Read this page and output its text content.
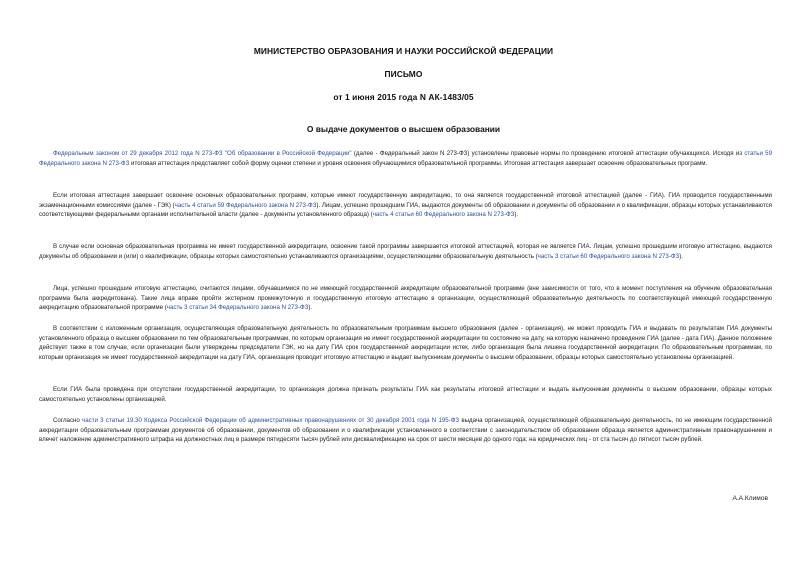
МИНИСТЕРСТВО ОБРАЗОВАНИЯ И НАУКИ РОССИЙСКОЙ ФЕДЕРАЦИИ
ПИСЬМО
от 1 июня 2015 года N АК-1483/05
О выдаче документов о высшем образовании

Федеральным законом от 29 декабря 2012 года N 273-ФЗ "Об образовании в Российской Федерации" (далее - Федеральный закон N 273-ФЗ) установлены правовые нормы по проведению итоговой аттестации обучающихся. Исходя из статьи 59 Федерального закона N 273-ФЗ итоговая аттестация представляет собой форму оценки степени и уровня освоения обучающимися образовательной программы. Итоговая аттестация завершает освоение образовательных программ.

Если итоговая аттестация завершает освоение основных образовательных программ, которые имеют государственную аккредитацию, то она является государственной итоговой аттестацией (далее - ГИА). ГИА проводится государственными экзаменационными комиссиями (далее - ГЭК) (часть 4 статьи 59 Федерального закона N 273-ФЗ). Лицам, успешно прошедшим ГИА, выдаются документы об образовании и документы об образовании и о квалификации, образцы которых устанавливаются соответствующими федеральными органами исполнительной власти (далее - документы установленного образца) (часть 4 статьи 60 Федерального закона N 273-ФЗ).

В случае если основная образовательная программа не имеет государственной аккредитации, освоение такой программы завершается итоговой аттестацией, которая не является ГИА. Лицам, успешно прошедшим итоговую аттестацию, выдаются документы об образовании и (или) о квалификации, образцы которых самостоятельно устанавливаются организациями, осуществляющими образовательную деятельность (часть 3 статьи 60 Федерального закона N 273-ФЗ).

Лица, успешно прошедшие итоговую аттестацию, считаются лицами, обучавшимися по не имеющей государственной аккредитации образовательной программе (вне зависимости от того, что в момент поступления на обучение образовательная программа была аккредитована). Такие лица вправе пройти экстерном промежуточную и государственную итоговую аттестацию в организации, осуществляющей образовательную деятельность по соответствующей имеющей государственную аккредитацию образовательной программе (часть 3 статьи 34 Федерального закона N 273-ФЗ).

В соответствии с изложенным организация, осуществляющая образовательную деятельность по образовательным программам высшего образования (далее - организация), не может проводить ГИА и выдавать по результатам ГИА документы установленного образца о высшем образовании по тем образовательным программам, по которым организация не имеет государственной аккредитации по состоянию на дату, на которую назначено проведение ГИА (далее - дата ГИА). Данное положение действует также в том случае, если организации были утверждены председатели ГЭК, но на дату ГИА срок государственной аккредитации истек, либо организация была лишена государственной аккредитации. По образовательным программам, по которым организация не имеет государственной аккредитации на дату ГИА, организация проводит итоговую аттестацию и выдает выпускникам документы о высшем образовании, образцы которых самостоятельно установлены организацией.

Если ГИА была проведена при отсутствии государственной аккредитации, то организация должна признать результаты ГИА как результаты итоговой аттестации и выдать выпускникам документы о высшем образовании, образцы которых самостоятельно установлены организацией.

Согласно части 3 статьи 19.30 Кодекса Российской Федерации об административных правонарушениях от 30 декабря 2001 года N 195-ФЗ выдача организацией, осуществляющей образовательную деятельность, по не имеющим государственной аккредитации образовательным программам документов об образовании, документов об образовании и о квалификации установленного в соответствии с законодательством об образовании образца является административным правонарушением и влечет наложение административного штрафа на должностных лиц в размере пятидесяти тысяч рублей или дисквалификацию на срок от шести месяцев до одного года; на юридических лиц - от ста тысяч до пятисот тысяч рублей.

А.А.Климов
